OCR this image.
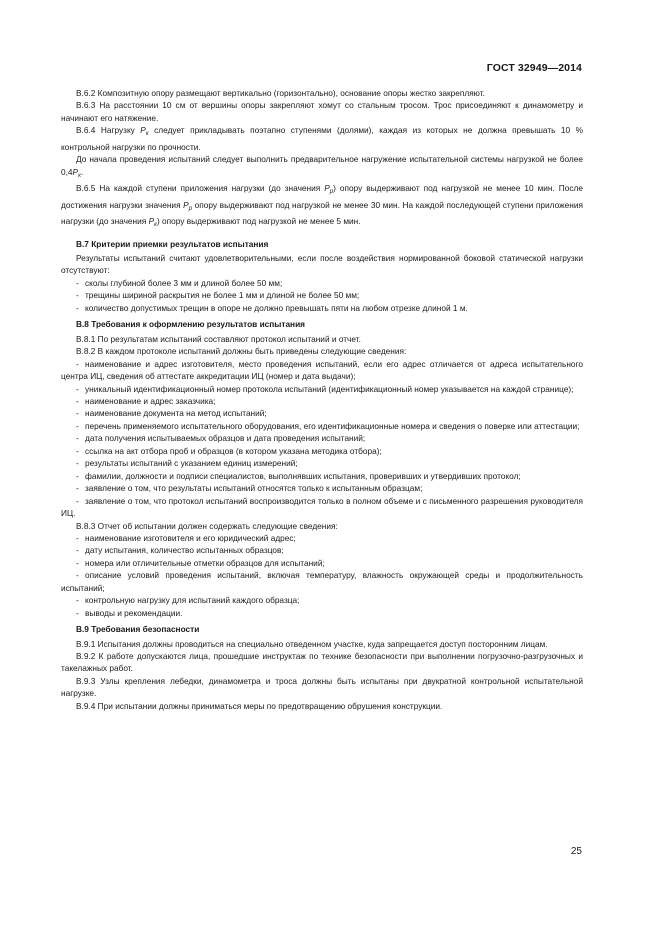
ГОСТ 32949—2014

В.6.2 Композитную опору размещают вертикально (горизонтально), основание опоры жестко закрепляют.

В.6.3 На расстоянии 10 см от вершины опоры закрепляют хомут со стальным тросом. Трос присоединяют к динамометру и начинают его натяжение.

В.6.4 Нагрузку $P_к$ следует прикладывать поэтапно ступенями (долями), каждая из которых не должна превышать 10 % контрольной нагрузки по прочности.

До начала проведения испытаний следует выполнить предварительное нагружение испытательной системы нагрузкой не более $0,4P_к$.

В.6.5 На каждой ступени приложения нагрузки (до значения $P_р$) опору выдерживают под нагрузкой не менее 10 мин. После достижения нагрузки значения $P_р$ опору выдерживают под нагрузкой не менее 30 мин. На каждой последующей ступени приложения нагрузки (до значения $P_к$) опору выдерживают под нагрузкой не менее 5 мин.

В.7 Критерии приемки результатов испытания

Результаты испытаний считают удовлетворительными, если после воздействия нормированной боковой статической нагрузки отсутствуют:

- сколы глубиной более 3 мм и длиной более 50 мм;

- трещины шириной раскрытия не более 1 мм и длиной не более 50 мм;

- количество допустимых трещин в опоре не должно превышать пяти на любом отрезке длиной 1 м.

В.8 Требования к оформлению результатов испытания

В.8.1 По результатам испытаний составляют протокол испытаний и отчет.

В.8.2 В каждом протоколе испытаний должны быть приведены следующие сведения:

- наименование и адрес изготовителя, место проведения испытаний, если его адрес отличается от адреса испытательного центра ИЦ, сведения об аттестате аккредитации ИЦ (номер и дата выдачи);

- уникальный идентификационный номер протокола испытаний (идентификационный номер указывается на каждой странице);

- наименование и адрес заказчика;

- наименование документа на метод испытаний;

- перечень применяемого испытательного оборудования, его идентификационные номера и сведения о поверке или аттестации;

- дата получения испытываемых образцов и дата проведения испытаний;

- ссылка на акт отбора проб и образцов (в котором указана методика отбора);

- результаты испытаний с указанием единиц измерений;

- фамилии, должности и подписи специалистов, выполнявших испытания, проверивших и утвердивших протокол;

- заявление о том, что результаты испытаний относятся только к испытанным образцам;

- заявление о том, что протокол испытаний воспроизводится только в полном объеме и с письменного разрешения руководителя ИЦ.

В.8.3 Отчет об испытании должен содержать следующие сведения:

- наименование изготовителя и его юридический адрес;

- дату испытания, количество испытанных образцов;

- номера или отличительные отметки образцов для испытаний;

- описание условий проведения испытаний, включая температуру, влажность окружающей среды и продолжительность испытаний;

- контрольную нагрузку для испытаний каждого образца;

- выводы и рекомендации.

В.9 Требования безопасности

В.9.1 Испытания должны проводиться на специально отведенном участке, куда запрещается доступ посторонним лицам.

В.9.2 К работе допускаются лица, прошедшие инструктаж по технике безопасности при выполнении погрузочно-разгрузочных и такелажных работ.

В.9.3 Узлы крепления лебедки, динамометра и троса должны быть испытаны при двукратной контрольной испытательной нагрузке.

В.9.4 При испытании должны приниматься меры по предотвращению обрушения конструкции.

25
